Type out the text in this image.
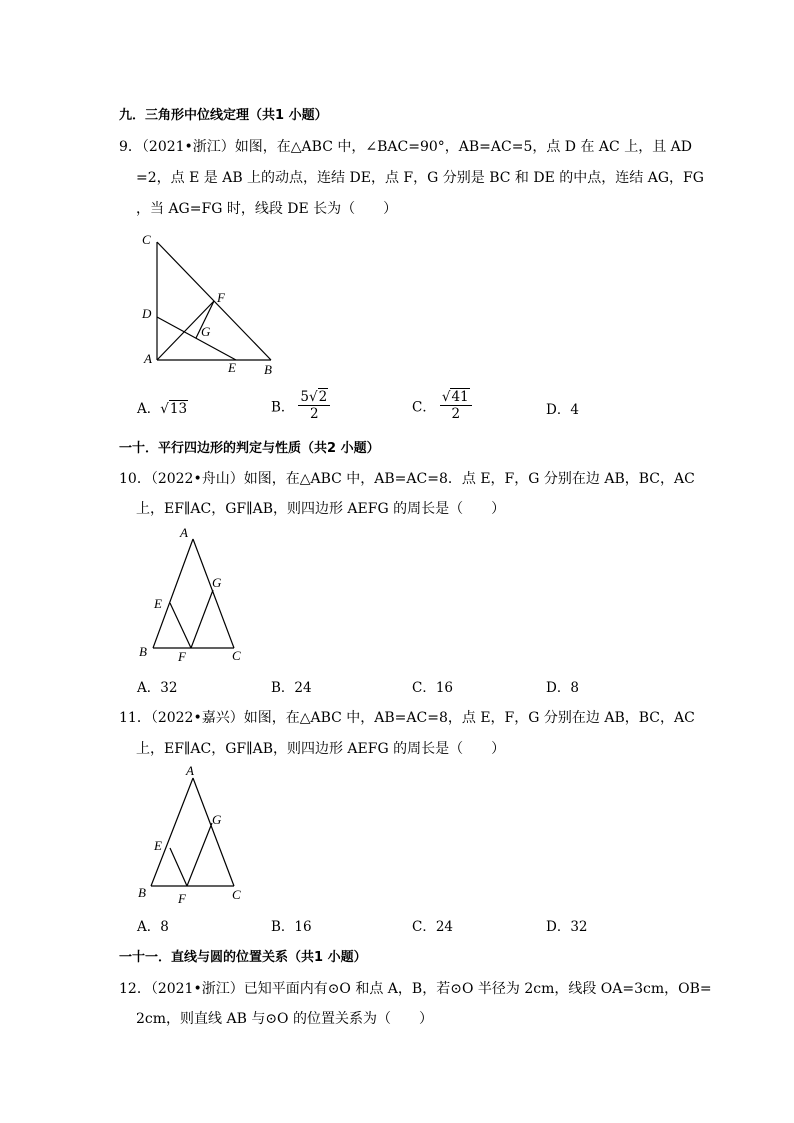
九．三角形中位线定理（共1 小题）
9．（2021•浙江）如图，在△ABC 中，∠BAC=90°，AB=AC=5，点 D 在 AC 上，且 AD
=2，点 E 是 AB 上的动点，连结 DE，点 F，G 分别是 BC 和 DE 的中点，连结 AG，FG
，当 AG=FG 时，线段 DE 长为（　　）
C
D
A
E B
F
G
A．√13	B． $\frac{5√2}{2}$	C． $\frac{√41}{2}$	D．4
一十．平行四边形的判定与性质（共2 小题）
10．（2022•舟山）如图，在△ABC 中，AB=AC=8．点 E，F，G 分别在边 AB，BC，AC
上，EF∥AC，GF∥AB，则四边形 AEFG 的周长是（　　）
A
E
G
B F	C
A．32	B．24	C．16	D．8
11．（2022•嘉兴）如图，在△ABC 中，AB=AC=8，点 E，F，G 分别在边 AB，BC，AC
上，EF∥AC，GF∥AB，则四边形 AEFG 的周长是（　　）
A
E
G
B F	C
A．8	B．16	C．24	D．32
一十一．直线与圆的位置关系（共1 小题）
12．（2021•浙江）已知平面内有⊙O 和点 A，B，若⊙O 半径为 2cm，线段 OA=3cm，OB=
2cm，则直线 AB 与⊙O 的位置关系为（　　）
